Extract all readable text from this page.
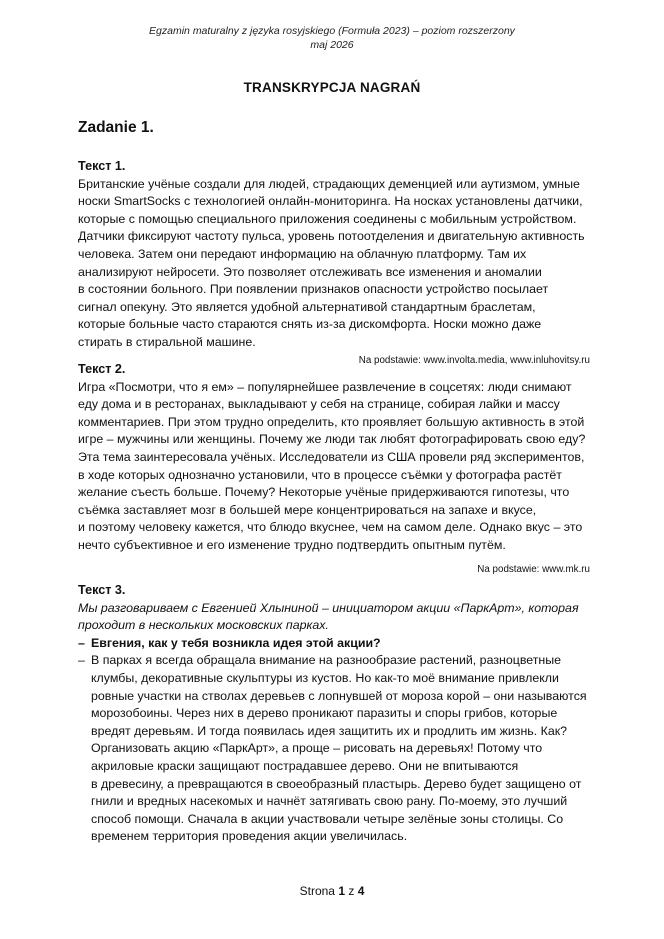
Egzamin maturalny z języka rosyjskiego (Formuła 2023) – poziom rozszerzony
maj 2026
TRANSKRYPCJA NAGRAŃ
Zadanie 1.

Текст 1.

Британские учёные создали для людей, страдающих деменцией или аутизмом, умные

носки SmartSocks с технологией онлайн-мониторинга. На носках установлены датчики,

которые с помощью специального приложения соединены с мобильным устройством.

Датчики фиксируют частоту пульса, уровень потоотделения и двигательную активность

человека. Затем они передают информацию на облачную платформу. Там их

анализируют нейросети. Это позволяет отслеживать все изменения и аномалии

в состоянии больного. При появлении признаков опасности устройство посылает

сигнал опекуну. Это является удобной альтернативой стандартным браслетам,

которые больные часто стараются снять из-за дискомфорта. Носки можно даже

стирать в стиральной машине.

Na podstawie: www.involta.media, www.inluhovitsy.ru

Текст 2.

Игра «Посмотри, что я ем» – популярнейшее развлечение в соцсетях: люди снимают

еду дома и в ресторанах, выкладывают у себя на странице, собирая лайки и массу

комментариев. При этом трудно определить, кто проявляет большую активность в этой

игре – мужчины или женщины. Почему же люди так любят фотографировать свою еду?

Эта тема заинтересовала учёных. Исследователи из США провели ряд экспериментов,

в ходе которых однозначно установили, что в процессе съёмки у фотографа растёт

желание съесть больше. Почему? Некоторые учёные придерживаются гипотезы, что

съёмка заставляет мозг в большей мере концентрироваться на запахе и вкусе,

и поэтому человеку кажется, что блюдо вкуснее, чем на самом деле. Однако вкус – это

нечто субъективное и его изменение трудно подтвердить опытным путём.

Na podstawie: www.mk.ru

Текст 3.

Мы разговариваем с Евгенией Хлыниной – инициатором акции «ПаркАрт», которая

проходит в нескольких московских парках.

– Евгения, как у тебя возникла идея этой акции?

– В парках я всегда обращала внимание на разнообразие растений, разноцветные

клумбы, декоративные скульптуры из кустов. Но как-то моё внимание привлекли

ровные участки на стволах деревьев с лопнувшей от мороза корой – они называются

морозобоины. Через них в дерево проникают паразиты и споры грибов, которые

вредят деревьям. И тогда появилась идея защитить их и продлить им жизнь. Как?

Организовать акцию «ПаркАрт», а проще – рисовать на деревьях! Потому что

акриловые краски защищают пострадавшее дерево. Они не впитываются

в древесину, а превращаются в своеобразный пластырь. Дерево будет защищено от

гнили и вредных насекомых и начнёт затягивать свою рану. По-моему, это лучший

способ помощи. Сначала в акции участвовали четыре зелёные зоны столицы. Со

временем территория проведения акции увеличилась.

Strona 1 z 4
